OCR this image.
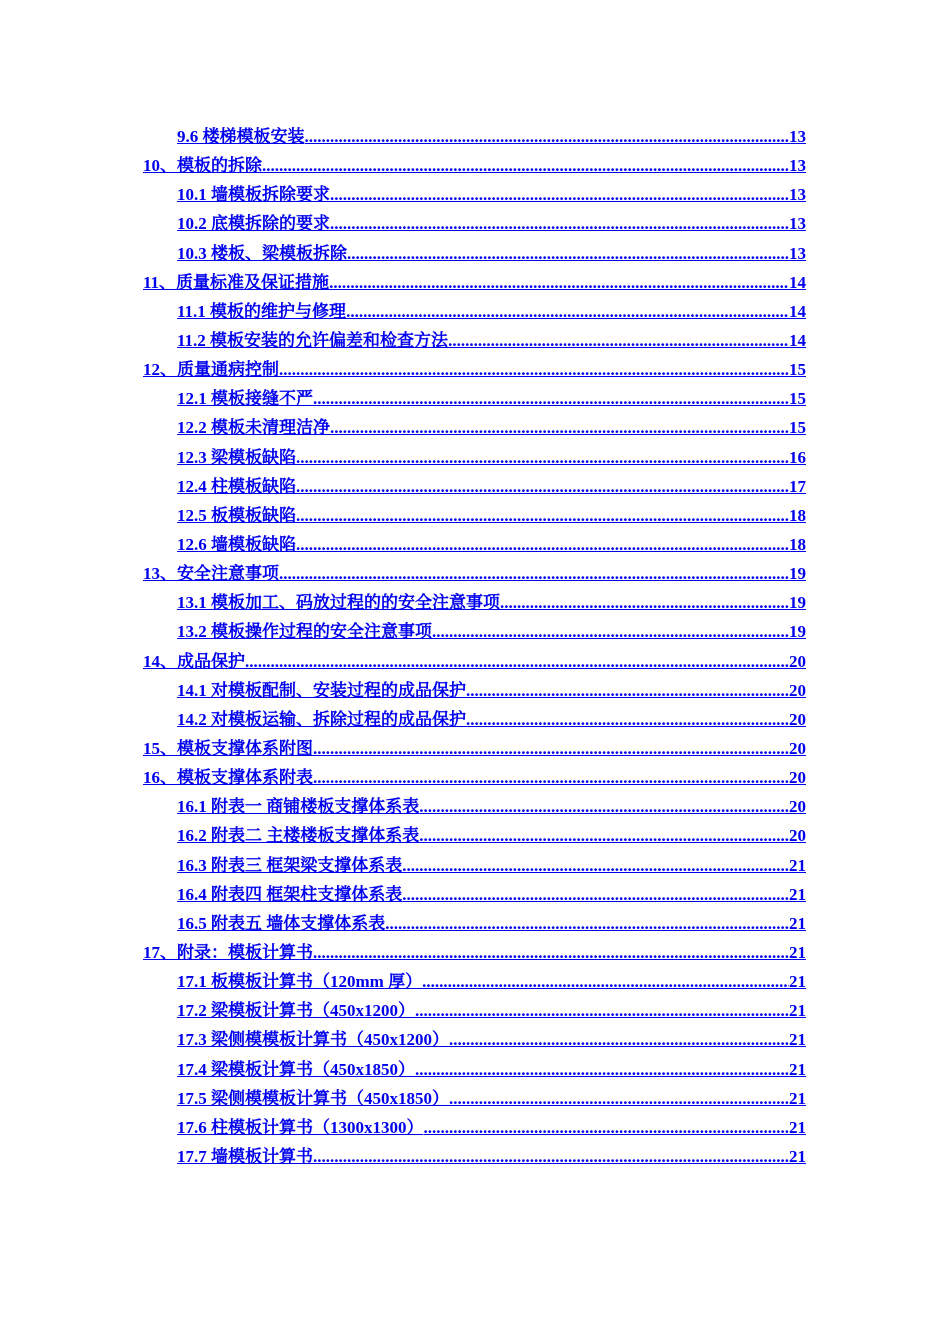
9.6 楼梯模板安装 .....	13
10、模板的拆除 .....	13
10.1 墙模板拆除要求 .....	13
10.2 底模拆除的要求 .....	13
10.3 楼板、梁模板拆除 .....	13
11、质量标准及保证措施 .....	14
11.1 模板的维护与修理 .....	14
11.2 模板安装的允许偏差和检查方法 .....	14
12、质量通病控制 .....	15
12.1 模板接缝不严 .....	15
12.2 模板未清理洁净 .....	15
12.3 梁模板缺陷 .....	16
12.4 柱模板缺陷 .....	17
12.5 板模板缺陷 .....	18
12.6 墙模板缺陷 .....	18
13、安全注意事项 .....	19
13.1 模板加工、码放过程的的安全注意事项 .....	19
13.2 模板操作过程的安全注意事项 .....	19
14、成品保护 .....	20
14.1 对模板配制、安装过程的成品保护 .....	20
14.2 对模板运输、拆除过程的成品保护 .....	20
15、模板支撑体系附图 .....	20
16、模板支撑体系附表 .....	20
16.1 附表一 商铺楼板支撑体系表 .....	20
16.2 附表二 主楼楼板支撑体系表 .....	20
16.3 附表三 框架梁支撑体系表 .....	21
16.4 附表四 框架柱支撑体系表 .....	21
16.5 附表五 墙体支撑体系表 .....	21
17、附录：模板计算书 .....	21
17.1 板模板计算书（120mm 厚） .....	21
17.2 梁模板计算书（450x1200） .....	21
17.3 梁侧模模板计算书（450x1200） .....	21
17.4 梁模板计算书（450x1850） .....	21
17.5 梁侧模模板计算书（450x1850） .....	21
17.6 柱模板计算书（1300x1300） .....	21
17.7 墙模板计算书 .....	21
